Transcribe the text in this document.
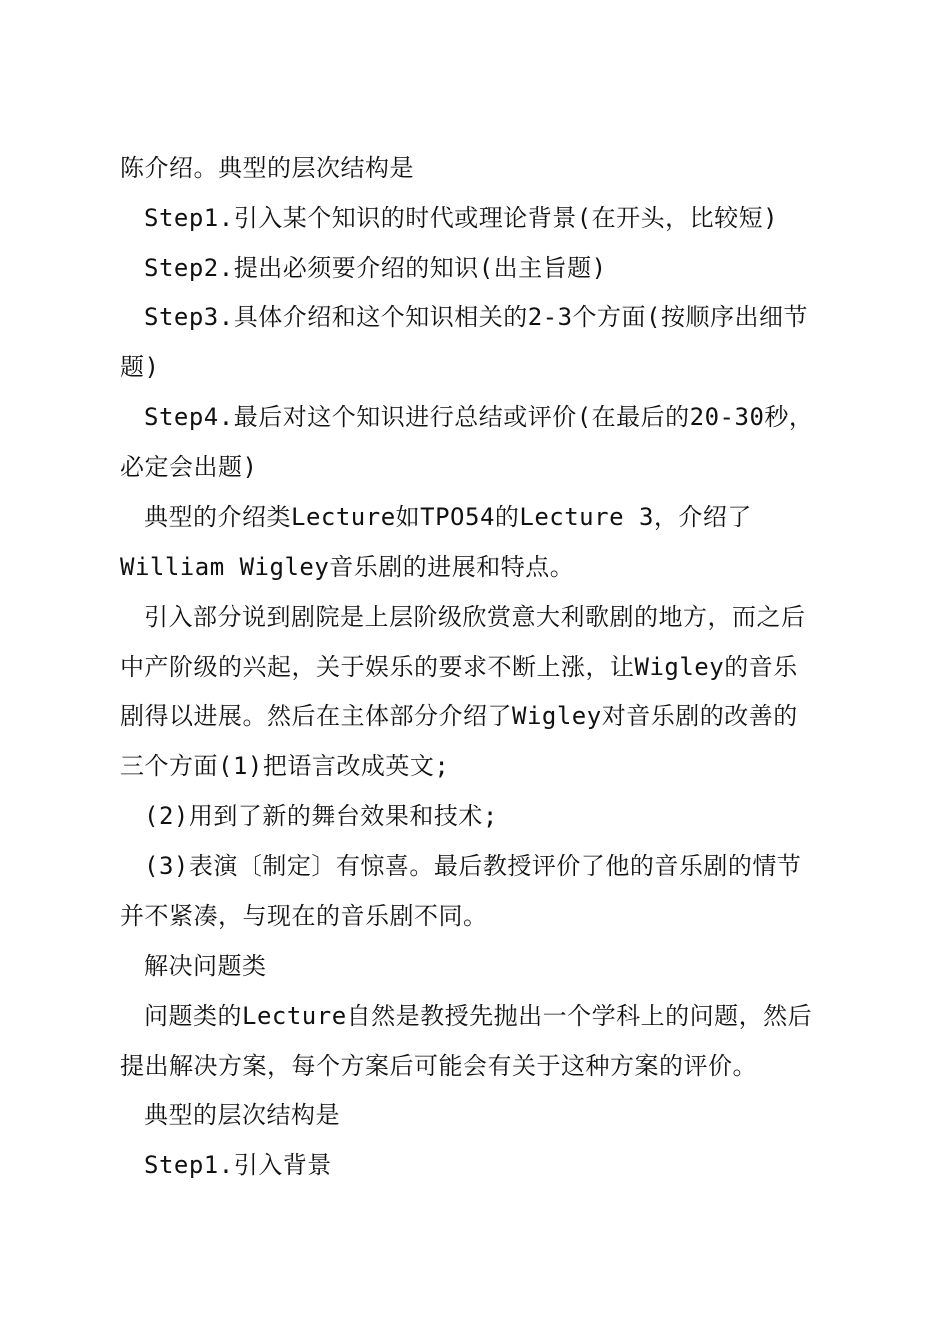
陈介绍。典型的层次结构是
Step1.引入某个知识的时代或理论背景(在开头，比较短)
Step2.提出必须要介绍的知识(出主旨题)
Step3.具体介绍和这个知识相关的2-3个方面(按顺序出细节
题)
Step4.最后对这个知识进行总结或评价(在最后的20-30秒，
必定会出题)
典型的介绍类Lecture如TPO54的Lecture 3，介绍了
William Wigley音乐剧的进展和特点。
引入部分说到剧院是上层阶级欣赏意大利歌剧的地方，而之后
中产阶级的兴起，关于娱乐的要求不断上涨，让Wigley的音乐
剧得以进展。然后在主体部分介绍了Wigley对音乐剧的改善的
三个方面(1)把语言改成英文;
(2)用到了新的舞台效果和技术;
(3)表演〔制定〕有惊喜。最后教授评价了他的音乐剧的情节
并不紧凑，与现在的音乐剧不同。
解决问题类
问题类的Lecture自然是教授先抛出一个学科上的问题，然后
提出解决方案，每个方案后可能会有关于这种方案的评价。
典型的层次结构是
Step1.引入背景
